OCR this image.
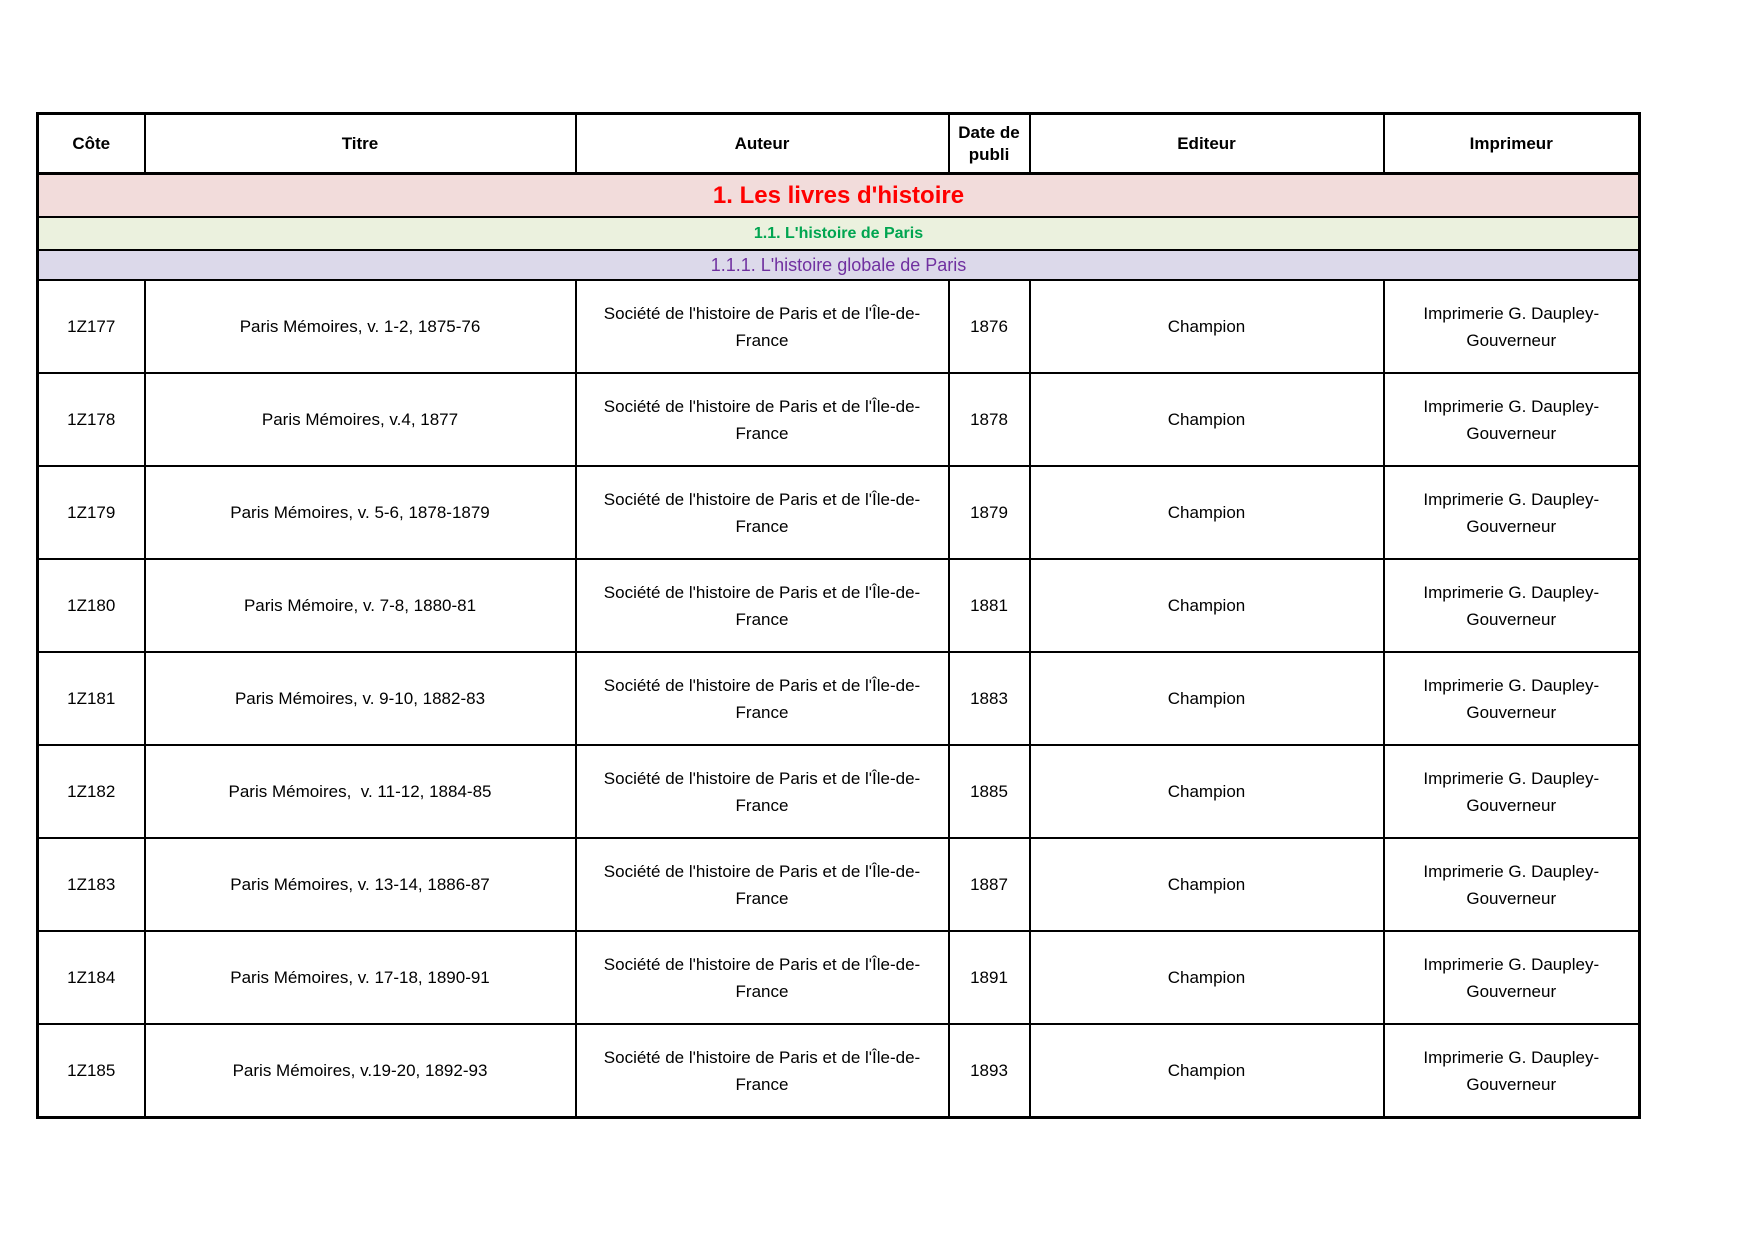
Côte	Titre	Auteur	Date de publi	Editeur	Imprimeur
1. Les livres d'histoire					
1.1. L'histoire de Paris					
1.1.1. L'histoire globale de Paris					
1Z177	Paris Mémoires, v. 1-2, 1875-76	Société de l'histoire de Paris et de l'Île-de-France	1876	Champion	Imprimerie G. Daupley-Gouverneur
1Z178	Paris Mémoires, v.4, 1877	Société de l'histoire de Paris et de l'Île-de-France	1878	Champion	Imprimerie G. Daupley-Gouverneur
1Z179	Paris Mémoires, v. 5-6, 1878-1879	Société de l'histoire de Paris et de l'Île-de-France	1879	Champion	Imprimerie G. Daupley-Gouverneur
1Z180	Paris Mémoire, v. 7-8, 1880-81	Société de l'histoire de Paris et de l'Île-de-France	1881	Champion	Imprimerie G. Daupley-Gouverneur
1Z181	Paris Mémoires, v. 9-10, 1882-83	Société de l'histoire de Paris et de l'Île-de-France	1883	Champion	Imprimerie G. Daupley-Gouverneur
1Z182	Paris Mémoires,  v. 11-12, 1884-85	Société de l'histoire de Paris et de l'Île-de-France	1885	Champion	Imprimerie G. Daupley-Gouverneur
1Z183	Paris Mémoires, v. 13-14, 1886-87	Société de l'histoire de Paris et de l'Île-de-France	1887	Champion	Imprimerie G. Daupley-Gouverneur
1Z184	Paris Mémoires, v. 17-18, 1890-91	Société de l'histoire de Paris et de l'Île-de-France	1891	Champion	Imprimerie G. Daupley-Gouverneur
1Z185	Paris Mémoires, v.19-20, 1892-93	Société de l'histoire de Paris et de l'Île-de-France	1893	Champion	Imprimerie G. Daupley-Gouverneur
